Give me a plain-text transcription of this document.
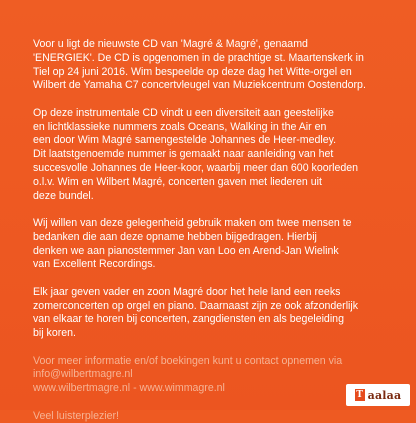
Voor u ligt de nieuwste CD van 'Magré & Magré', genaamd
'ENERGIEK'. De CD is opgenomen in de prachtige st. Maartenskerk in
Tiel op 24 juni 2016. Wim bespeelde op deze dag het Witte-orgel en
Wilbert de Yamaha C7 concertvleugel van Muziekcentrum Oostendorp.

Op deze instrumentale CD vindt u een diversiteit aan geestelijke
en lichtklassieke nummers zoals Oceans, Walking in the Air en
een door Wim Magré samengestelde Johannes de Heer-medley.
Dit laatstgenoemde nummer is gemaakt naar aanleiding van het
succesvolle Johannes de Heer-koor, waarbij meer dan 600 koorleden
o.l.v. Wim en Wilbert Magré, concerten gaven met liederen uit
deze bundel.

Wij willen van deze gelegenheid gebruik maken om twee mensen te
bedanken die aan deze opname hebben bijgedragen. Hierbij
denken we aan pianostemmer Jan van Loo en Arend-Jan Wielink
van Excellent Recordings.

Elk jaar geven vader en zoon Magré door het hele land een reeks
zomerconcerten op orgel en piano. Daarnaast zijn ze ook afzonderlijk
van elkaar te horen bij concerten, zangdiensten en als begeleiding
bij koren.

Voor meer informatie en/of boekingen kunt u contact opnemen via

info@wilbertmagre.nl

www.wilbertmagre.nl - www.wimmagre.nl

Veel luisterplezier!
T aalaa
